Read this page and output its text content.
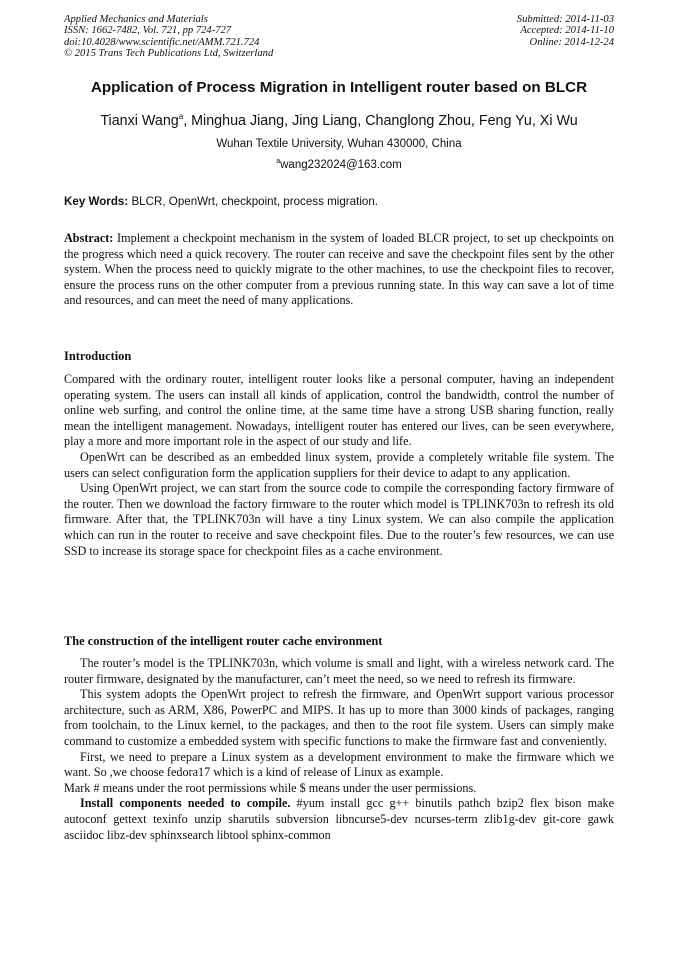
Applied Mechanics and Materials
ISSN: 1662-7482, Vol. 721, pp 724-727
doi:10.4028/www.scientific.net/AMM.721.724
© 2015 Trans Tech Publications Ltd, Switzerland
Submitted: 2014-11-03
Accepted: 2014-11-10
Online: 2014-12-24
Application of Process Migration in Intelligent router based on BLCR
Tianxi Wang$^a$, Minghua Jiang, Jing Liang, Changlong Zhou, Feng Yu, Xi Wu
Wuhan Textile University, Wuhan 430000, China
$^a$wang232024@163.com
Key Words: BLCR, OpenWrt, checkpoint, process migration.

Abstract: Implement a checkpoint mechanism in the system of loaded BLCR project, to set up checkpoints on the progress which need a quick recovery. The router can receive and save the checkpoint files sent by the other system. When the process need to quickly migrate to the other machines, to use the checkpoint files to recover, ensure the process runs on the other computer from a previous running state. In this way can save a lot of time and resources, and can meet the need of many applications.

Introduction

Compared with the ordinary router, intelligent router looks like a personal computer, having an independent operating system. The users can install all kinds of application, control the bandwidth, control the number of online web surfing, and control the online time, at the same time have a strong USB sharing function, really mean the intelligent management. Nowadays, intelligent router has entered our lives, can be seen everywhere, play a more and more important role in the aspect of our study and life.

OpenWrt can be described as an embedded linux system, provide a completely writable file system. The users can select configuration form the application suppliers for their device to adapt to any application.

Using OpenWrt project, we can start from the source code to compile the corresponding factory firmware of the router. Then we download the factory firmware to the router which model is TPLINK703n to refresh its old firmware. After that, the TPLINK703n will have a tiny Linux system. We can also compile the application which can run in the router to receive and save checkpoint files. Due to the router’s few resources, we can use SSD to increase its storage space for checkpoint files as a cache environment.

The construction of the intelligent router cache environment

The router’s model is the TPLINK703n, which volume is small and light, with a wireless network card. The router firmware, designated by the manufacturer, can’t meet the need, so we need to refresh its firmware.

This system adopts the OpenWrt project to refresh the firmware, and OpenWrt support various processor architecture, such as ARM, X86, PowerPC and MIPS. It has up to more than 3000 kinds of packages, ranging from toolchain, to the Linux kernel, to the packages, and then to the root file system. Users can simply make command to customize a embedded system with specific functions to make the firmware fast and conveniently.

First, we need to prepare a Linux system as a development environment to make the firmware which we want. So ,we choose fedora17 which is a kind of release of Linux as example.

Mark # means under the root permissions while $ means under the user permissions.

Install components needed to compile. #yum install gcc g++ binutils pathch bzip2 flex bison make autoconf gettext texinfo unzip sharutils subversion libncurse5-dev ncurses-term zlib1g-dev git-core gawk asciidoc libz-dev sphinxsearch libtool sphinx-common
